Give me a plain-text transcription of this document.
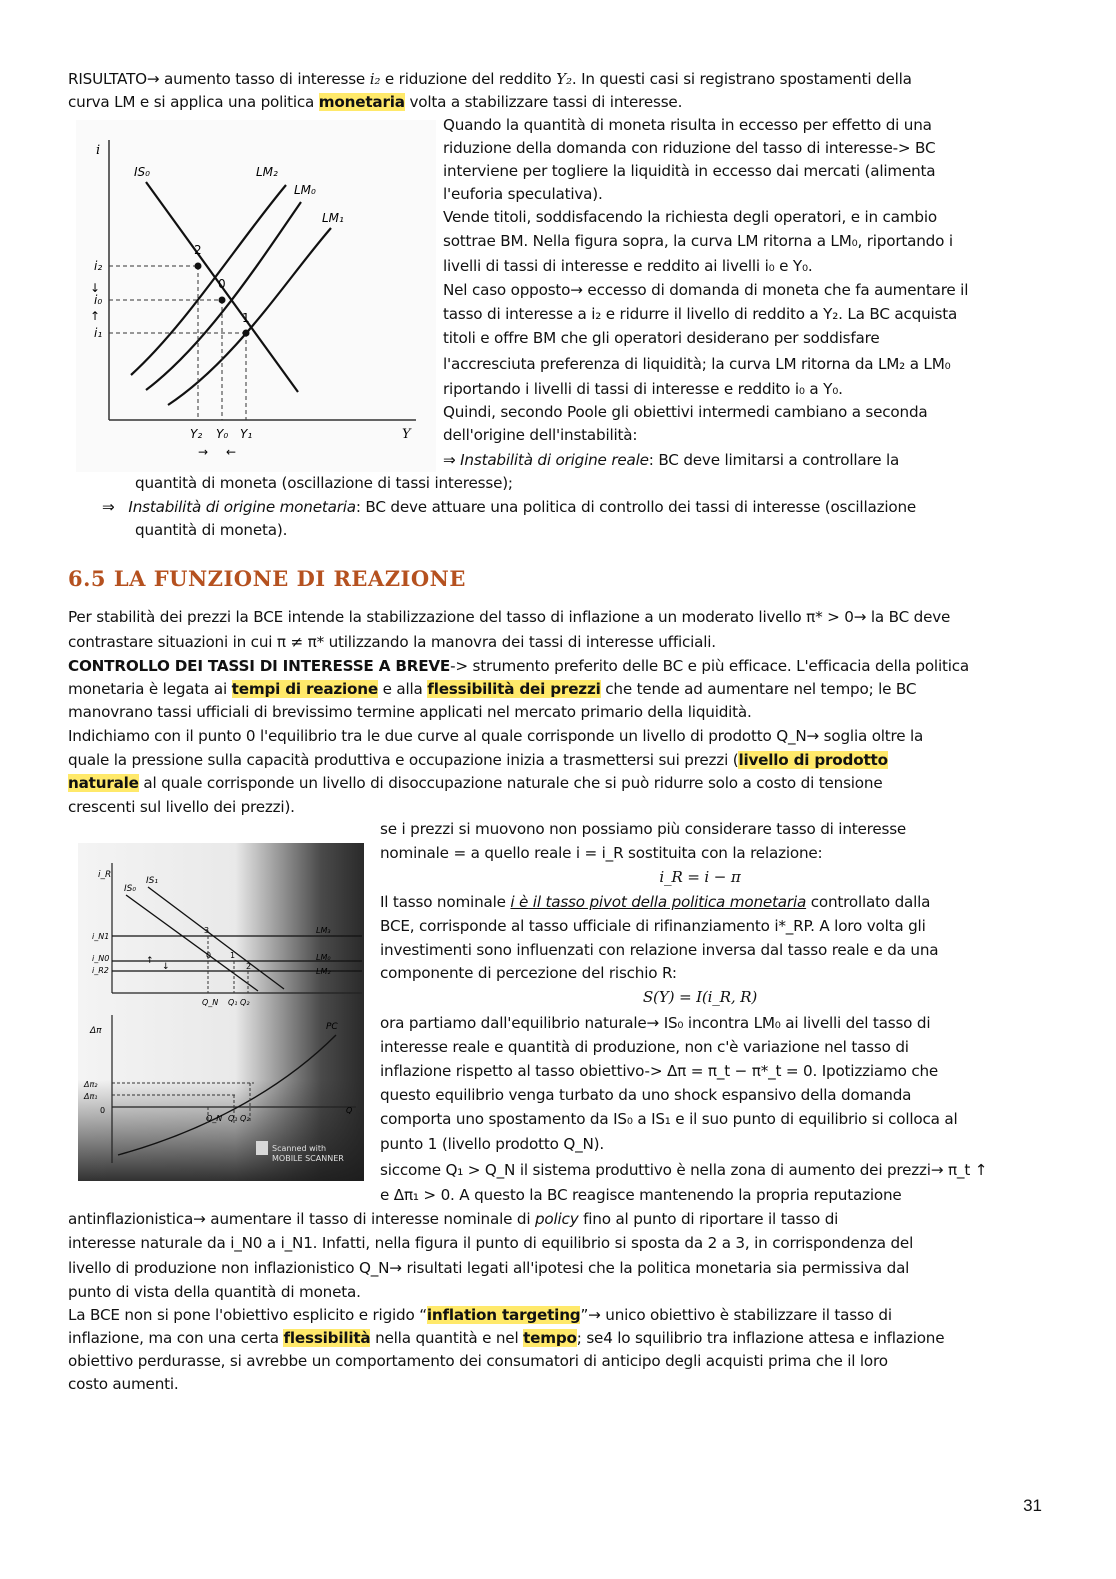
RISULTATO→ aumento tasso di interesse i₂ e riduzione del reddito Y₂. In questi casi si registrano spostamenti della

curva LM e si applica una politica monetaria volta a stabilizzare tassi di interesse.

i
Y
IS₀	LM₂
LM₀
LM₁
2
0
1
i₂
i₀
i₁
↓
↑
Y₂ Y₀ Y₁
→ ←

Quando la quantità di moneta risulta in eccesso per effetto di una

riduzione della domanda con riduzione del tasso di interesse-> BC

interviene per togliere la liquidità in eccesso dai mercati (alimenta

l'euforia speculativa).

Vende titoli, soddisfacendo la richiesta degli operatori, e in cambio

sottrae BM. Nella figura sopra, la curva LM ritorna a LM₀, riportando i

livelli di tassi di interesse e reddito ai livelli i₀ e Y₀.

Nel caso opposto→ eccesso di domanda di moneta che fa aumentare il

tasso di interesse a i₂ e ridurre il livello di reddito a Y₂. La BC acquista

titoli e offre BM che gli operatori desiderano per soddisfare

l'accresciuta preferenza di liquidità; la curva LM ritorna da LM₂ a LM₀

riportando i livelli di tassi di interesse e reddito i₀ a Y₀.

Quindi, secondo Poole gli obiettivi intermedi cambiano a seconda

dell'origine dell'instabilità:

⇒ Instabilità di origine reale: BC deve limitarsi a controllare la

quantità di moneta (oscillazione di tassi interesse);

⇒ Instabilità di origine monetaria: BC deve attuare una politica di controllo dei tassi di interesse (oscillazione

quantità di moneta).

6.5 LA FUNZIONE DI REAZIONE

Per stabilità dei prezzi la BCE intende la stabilizzazione del tasso di inflazione a un moderato livello π* > 0→ la BC deve

contrastare situazioni in cui π ≠ π* utilizzando la manovra dei tassi di interesse ufficiali.

CONTROLLO DEI TASSI DI INTERESSE A BREVE-> strumento preferito delle BC e più efficace. L'efficacia della politica

monetaria è legata ai tempi di reazione e alla flessibilità dei prezzi che tende ad aumentare nel tempo; le BC

manovrano tassi ufficiali di brevissimo termine applicati nel mercato primario della liquidità.

Indichiamo con il punto 0 l'equilibrio tra le due curve al quale corrisponde un livello di prodotto Q_N→ soglia oltre la

quale la pressione sulla capacità produttiva e occupazione inizia a trasmettersi sui prezzi (livello di prodotto

naturale al quale corrisponde un livello di disoccupazione naturale che si può ridurre solo a costo di tensione

crescenti sul livello dei prezzi).

i_R
IS₀
IS₁
i_N1
i_N0
i_R2
LM₃
LM₀
LM₂
3
0 1
2
↑
↓
Q_N Q₁ Q₂
Δπ	PC
Δπ₂
Δπ₁
0	Q
Q_N Q₁ Q₂
Scanned with
MOBILE SCANNER

se i prezzi si muovono non possiamo più considerare tasso di interesse

nominale = a quello reale i = i_R sostituita con la relazione:

i_R = i − π

Il tasso nominale i è il tasso pivot della politica monetaria controllato dalla

BCE, corrisponde al tasso ufficiale di rifinanziamento i*_RP. A loro volta gli

investimenti sono influenzati con relazione inversa dal tasso reale e da una

componente di percezione del rischio R:

S(Y) = I(i_R, R)

ora partiamo dall'equilibrio naturale→ IS₀ incontra LM₀ ai livelli del tasso di

interesse reale e quantità di produzione, non c'è variazione nel tasso di

inflazione rispetto al tasso obiettivo-> Δπ = π_t − π*_t = 0. Ipotizziamo che

questo equilibrio venga turbato da uno shock espansivo della domanda

comporta uno spostamento da IS₀ a IS₁ e il suo punto di equilibrio si colloca al

punto 1 (livello prodotto Q_N).

siccome Q₁ > Q_N il sistema produttivo è nella zona di aumento dei prezzi→ π_t ↑

e Δπ₁ > 0. A questo la BC reagisce mantenendo la propria reputazione

antinflazionistica→ aumentare il tasso di interesse nominale di policy fino al punto di riportare il tasso di

interesse naturale da i_N0 a i_N1. Infatti, nella figura il punto di equilibrio si sposta da 2 a 3, in corrispondenza del

livello di produzione non inflazionistico Q_N→ risultati legati all'ipotesi che la politica monetaria sia permissiva dal

punto di vista della quantità di moneta.

La BCE non si pone l'obiettivo esplicito e rigido “inflation targeting”→ unico obiettivo è stabilizzare il tasso di

inflazione, ma con una certa flessibilità nella quantità e nel tempo; se4 lo squilibrio tra inflazione attesa e inflazione

obiettivo perdurasse, si avrebbe un comportamento dei consumatori di anticipo degli acquisti prima che il loro

costo aumenti.

31
